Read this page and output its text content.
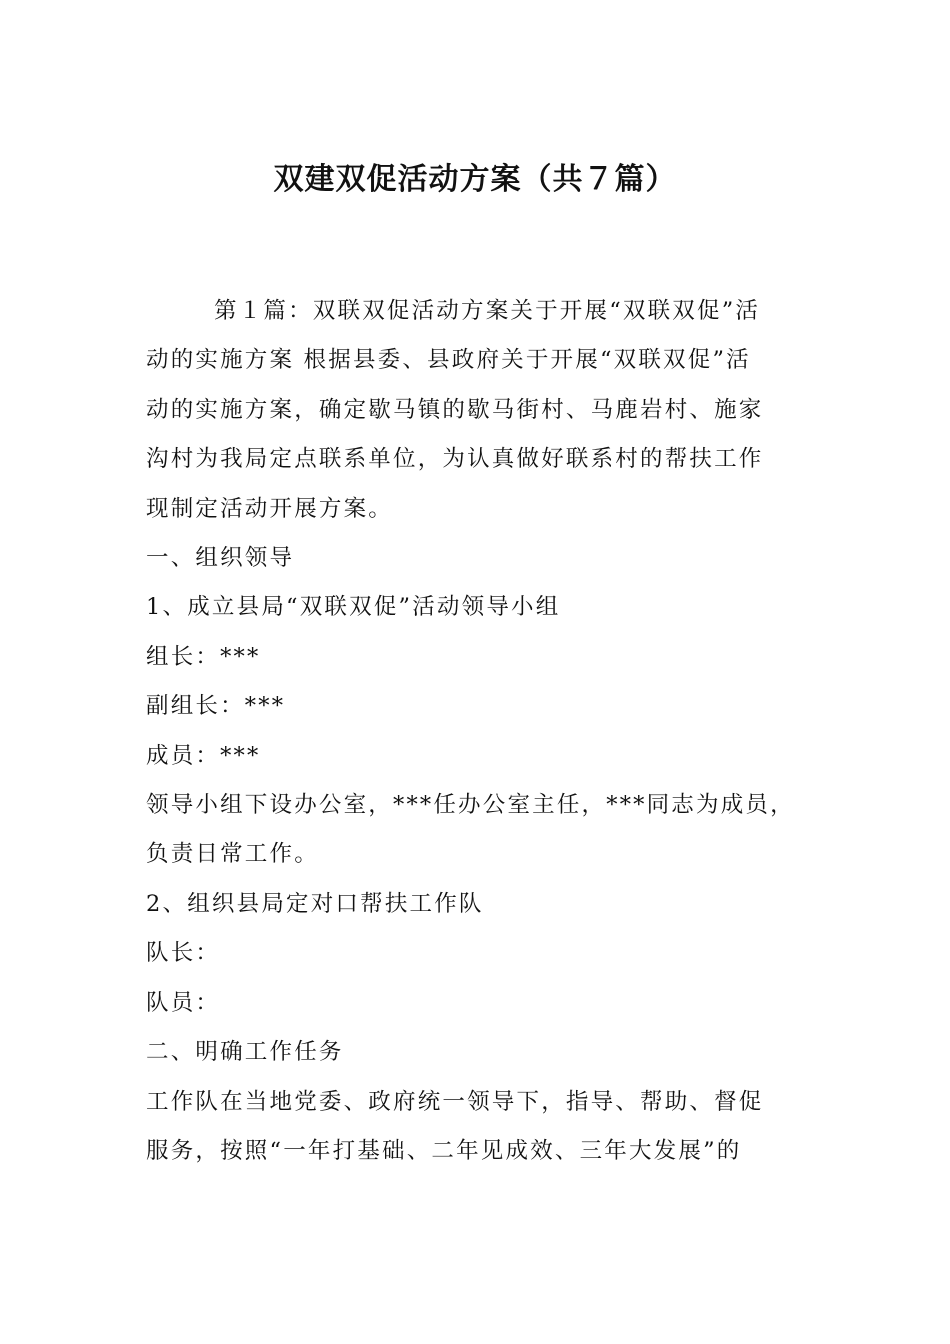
双建双促活动方案（共７篇）

第１篇：双联双促活动方案关于开展“双联双促”活

动的实施方案 根据县委、县政府关于开展“双联双促”活

动的实施方案，确定歇马镇的歇马街村、马鹿岩村、施家

沟村为我局定点联系单位，为认真做好联系村的帮扶工作

现制定活动开展方案。

一、组织领导

1、成立县局“双联双促”活动领导小组

组长：***

副组长：***

成员：***

领导小组下设办公室，***任办公室主任，***同志为成员，

负责日常工作。

2、组织县局定对口帮扶工作队

队长：

队员：

二、明确工作任务

工作队在当地党委、政府统一领导下，指导、帮助、督促

服务，按照“一年打基础、二年见成效、三年大发展”的
